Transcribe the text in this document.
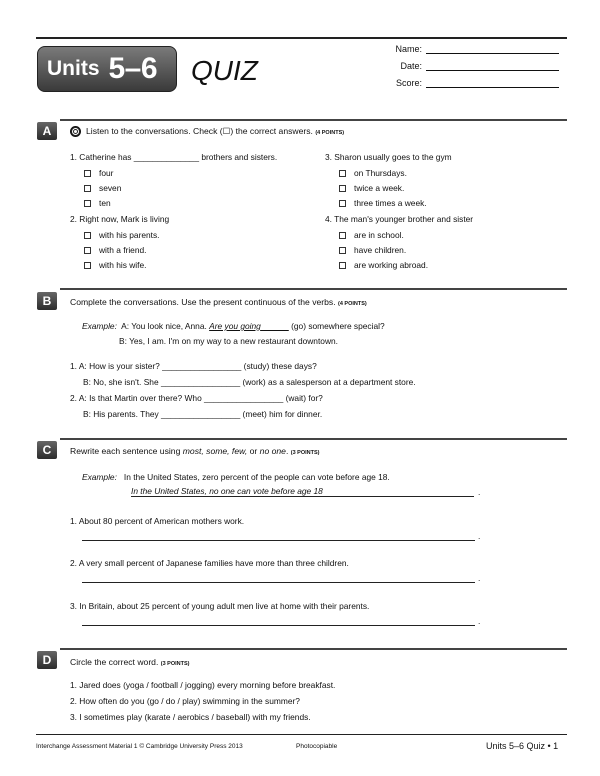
Units 5–6 QUIZ
Name:
Date:
Score:
A	Listen to the conversations. Check (☐) the correct answers. (4 POINTS)
1. Catherine has ______________ brothers and sisters.
four
seven
ten
2. Right now, Mark is living
with his parents.
with a friend.
with his wife.
3. Sharon usually goes to the gym
on Thursdays.
twice a week.
three times a week.
4. The man's younger brother and sister
are in school.
have children.
are working abroad.
B	Complete the conversations. Use the present continuous of the verbs. (4 POINTS)
Example: A: You look nice, Anna. Are you going	(go) somewhere special?
B: Yes, I am. I'm on my way to a new restaurant downtown.
1. A: How is your sister? _________________ (study) these days?
B: No, she isn't. She _________________ (work) as a salesperson at a department store.
2. A: Is that Martin over there? Who _________________ (wait) for?
B: His parents. They _________________ (meet) him for dinner.
C	Rewrite each sentence using most, some, few, or no one. (3 POINTS)
Example: In the United States, zero percent of the people can vote before age 18.
In the United States, no one can vote before age 18	.
1. About 80 percent of American mothers work.
.
2. A very small percent of Japanese families have more than three children.
.
3. In Britain, about 25 percent of young adult men live at home with their parents.
.
D	Circle the correct word. (3 POINTS)
1. Jared does (yoga / football / jogging) every morning before breakfast.
2. How often do you (go / do / play) swimming in the summer?
3. I sometimes play (karate / aerobics / baseball) with my friends.
Interchange Assessment Material 1 © Cambridge University Press 2013	Photocopiable	Units 5–6 Quiz • 1
